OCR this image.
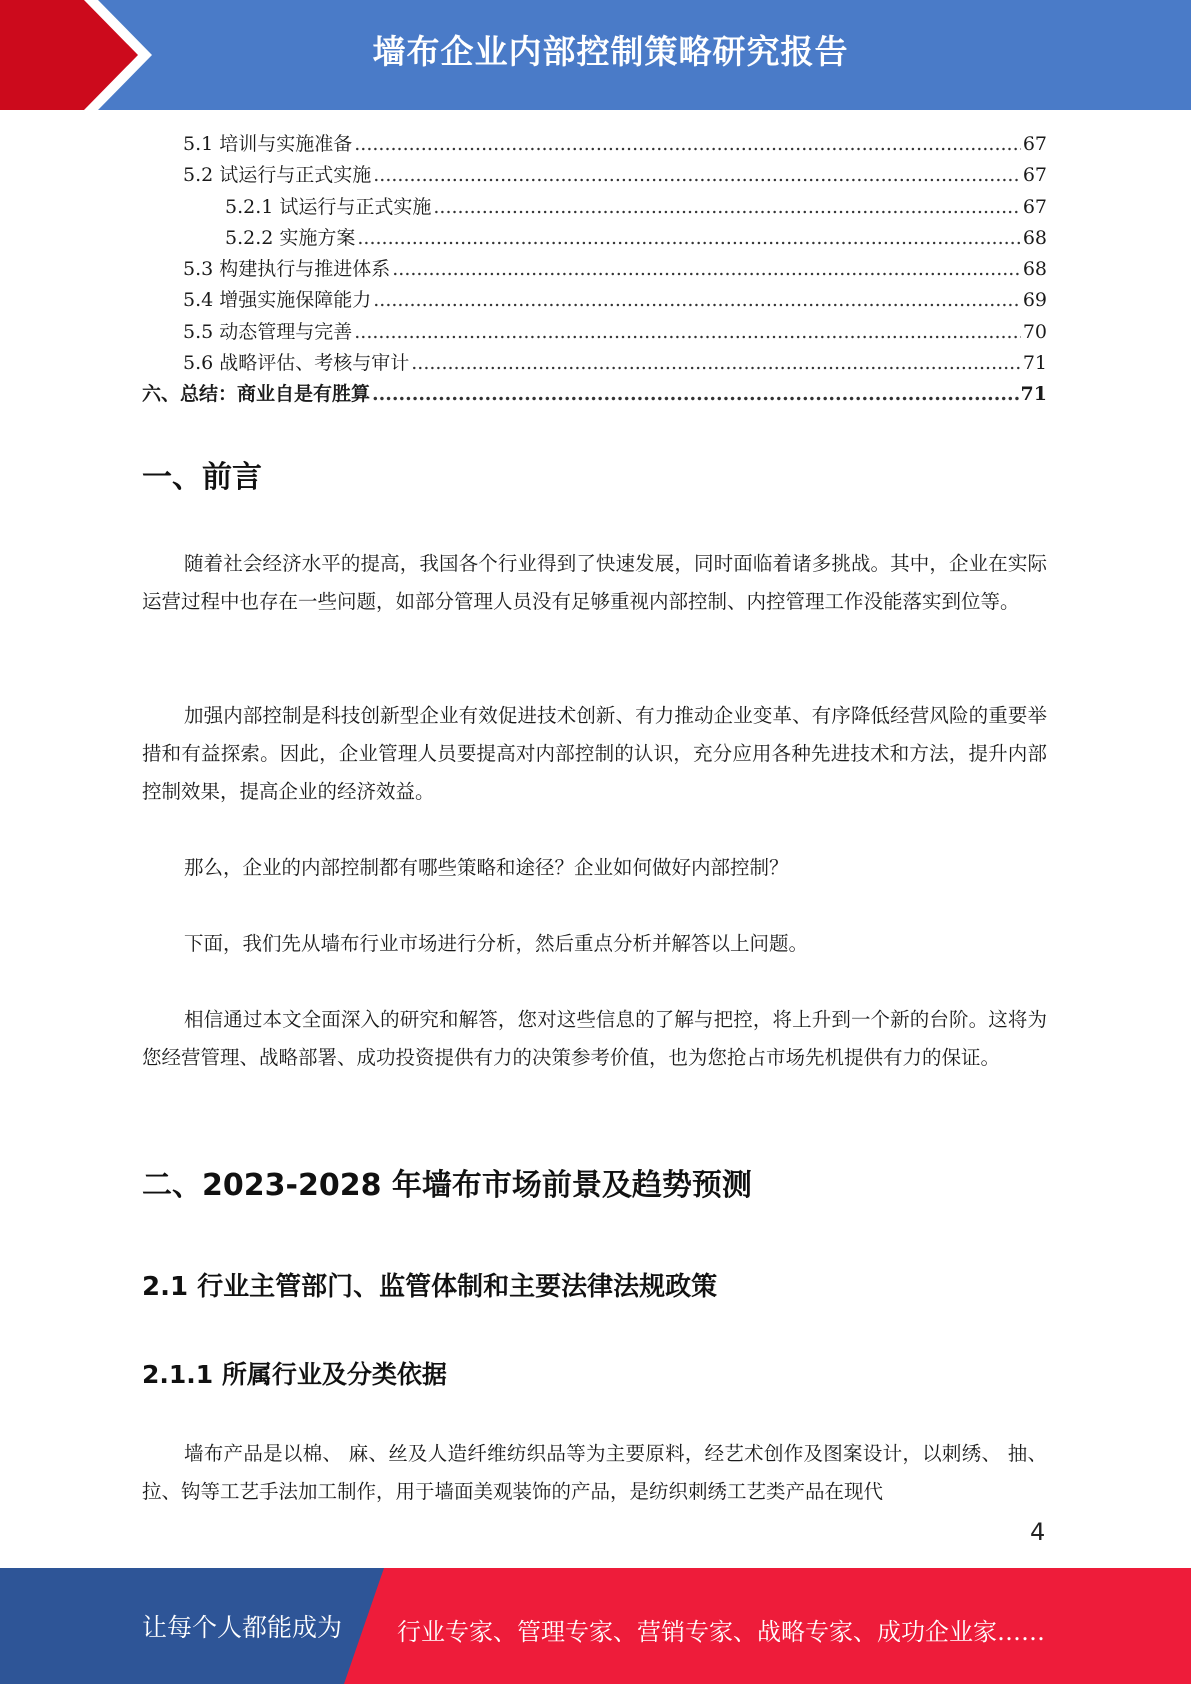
墙布企业内部控制策略研究报告
5.1 培训与实施准备 .....	67
5.2 试运行与正式实施 .....	67
5.2.1 试运行与正式实施 .....	67
5.2.2 实施方案 .....	68
5.3 构建执行与推进体系 .....	68
5.4 增强实施保障能力 .....	69
5.5 动态管理与完善 .....	70
5.6 战略评估、考核与审计 .....	71
六、总结：商业自是有胜算 .....	71
一、前言

随着社会经济水平的提高，我国各个行业得到了快速发展，同时面临着诸多挑战。其中，企业在实际运营过程中也存在一些问题，如部分管理人员没有足够重视内部控制、内控管理工作没能落实到位等。

加强内部控制是科技创新型企业有效促进技术创新、有力推动企业变革、有序降低经营风险的重要举措和有益探索。因此，企业管理人员要提高对内部控制的认识，充分应用各种先进技术和方法，提升内部控制效果，提高企业的经济效益。

那么，企业的内部控制都有哪些策略和途径？企业如何做好内部控制？

下面，我们先从墙布行业市场进行分析，然后重点分析并解答以上问题。

相信通过本文全面深入的研究和解答，您对这些信息的了解与把控，将上升到一个新的台阶。这将为您经营管理、战略部署、成功投资提供有力的决策参考价值，也为您抢占市场先机提供有力的保证。

二、2023-2028 年墙布市场前景及趋势预测
2.1 行业主管部门、监管体制和主要法律法规政策
2.1.1 所属行业及分类依据

墙布产品是以棉、 麻、丝及人造纤维纺织品等为主要原料，经艺术创作及图案设计，以刺绣、 抽、拉、钩等工艺手法加工制作，用于墙面美观装饰的产品，是纺织刺绣工艺类产品在现代

4
让每个人都能成为 行业专家、管理专家、营销专家、战略专家、成功企业家……
